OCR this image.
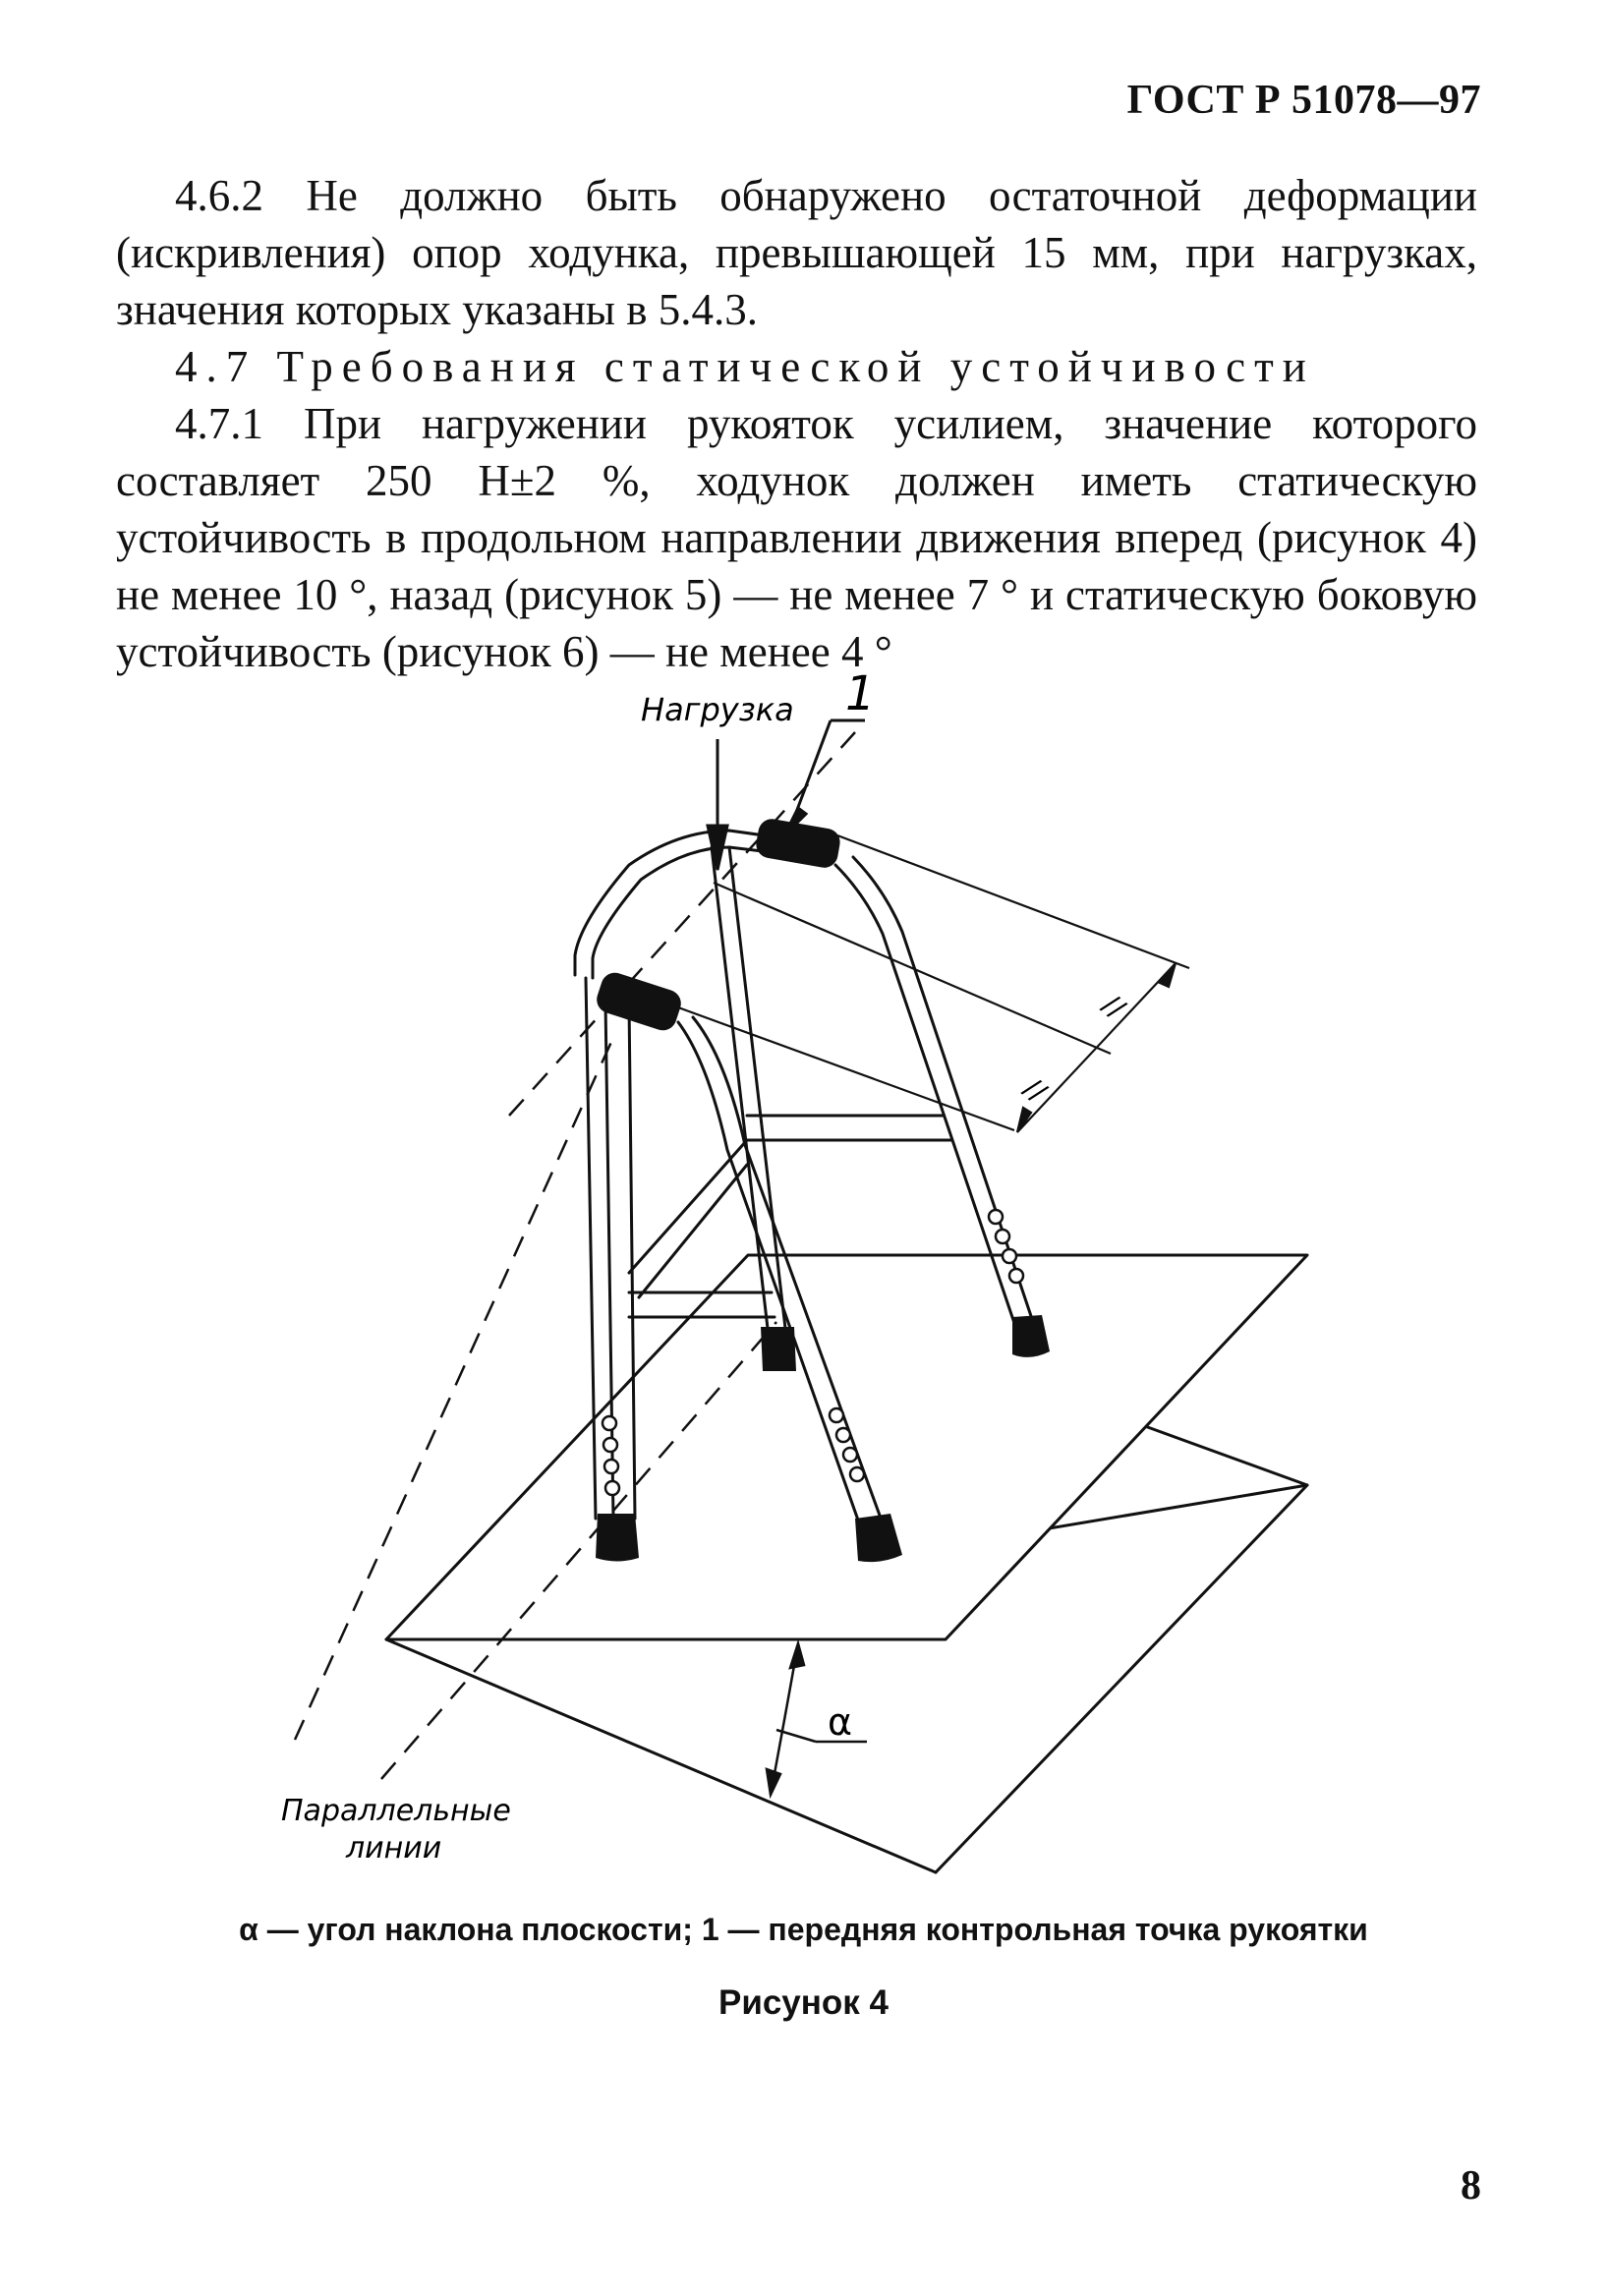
ГОСТ Р 51078—97

4.6.2 Не должно быть обнаружено остаточной деформации (искривления) опор ходунка, превышающей 15 мм, при нагрузках, значения которых указаны в 5.4.3.

4.7 Требования статической устойчивости

4.7.1 При нагружении рукояток усилием, значение которого составляет 250 Н±2 %, ходунок должен иметь статическую устойчивость в продольном направлении движения вперед (рисунок 4) не менее 10 °, назад (рисунок 5) — не менее 7 ° и статическую боковую устойчивость (рисунок 6) — не менее 4 °

α
Параллельные
линии
//
//
Нагрузка 1
α — угол наклона плоскости; 1 — передняя контрольная точка рукоятки
Рисунок 4
8
